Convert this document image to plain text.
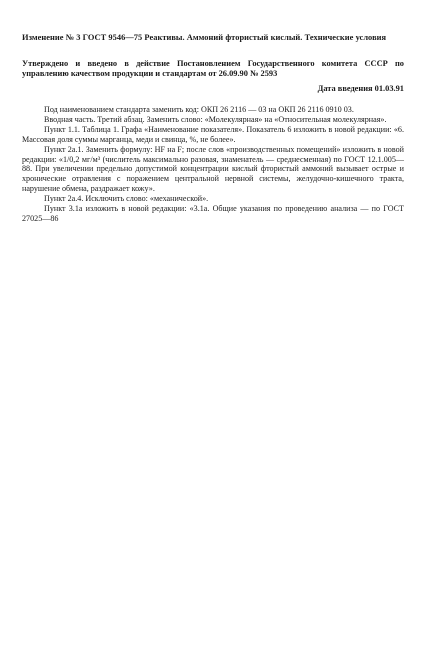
Изменение № 3 ГОСТ 9546—75 Реактивы. Аммоний фтористый кислый. Технические условия
Утверждено и введено в действие Постановлением Государственного комитета СССР по управлению качеством продукции и стандартам от 26.09.90 № 2593
Дата введения 01.03.91

Под наименованием стандарта заменить код: ОКП 26 2116 — 03 на ОКП 26 2116 0910 03.

Вводная часть. Третий абзац. Заменить слово: «Молекулярная» на «Относительная молекулярная».

Пункт 1.1. Таблица 1. Графа «Наименование показателя». Показатель 6 изложить в новой редакции: «6. Массовая доля суммы марганца, меди и свинца, %, не более».

Пункт 2а.1. Заменить формулу: HF на F; после слов «производственных помещений» изложить в новой редакции: «1/0,2 мг/м³ (числитель максимально разовая, знаменатель — среднесменная) по ГОСТ 12.1.005—88. При увеличении предельно допустимой концентрации кислый фтористый аммоний вызывает острые и хронические отравления с поражением центральной нервной системы, желудочно-кишечного тракта, нарушение обмена, раздражает кожу».

Пункт 2а.4. Исключить слово: «механической».

Пункт 3.1а изложить в новой редакции: «3.1а. Общие указания по проведению анализа — по ГОСТ 27025—86
